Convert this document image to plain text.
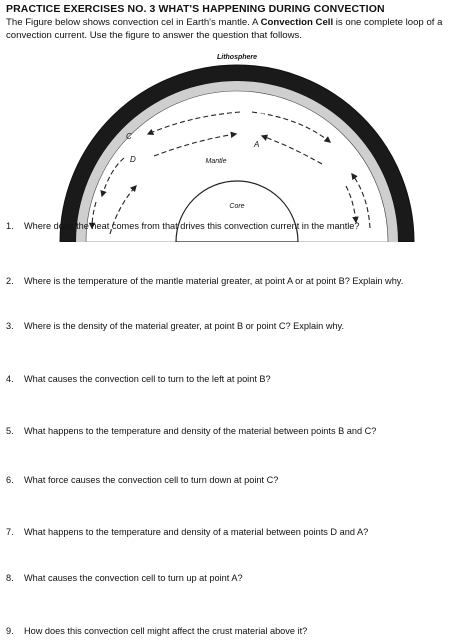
PRACTICE EXERCISES NO. 3 WHAT'S HAPPENING DURING CONVECTION
The Figure below shows convection cel in Earth's mantle. A Convection Cell is one complete loop of a convection current. Use the figure to answer the question that follows.
Lithosphere
B
C
A
D	Mantle
Core
1. Where does the heat comes from that drives this convection current in the mantle?
2. Where is the temperature of the mantle material greater, at point A or at point B? Explain why.
3. Where is the density of the material greater, at point B or point C? Explain why.
4. What causes the convection cell to turn to the left at point B?
5. What happens to the temperature and density of the material between points B and C?
6. What force causes the convection cell to turn down at point C?
7. What happens to the temperature and density of a material between points D and A?
8. What causes the convection cell to turn up at point A?
9. How does this convection cell might affect the crust material above it?
